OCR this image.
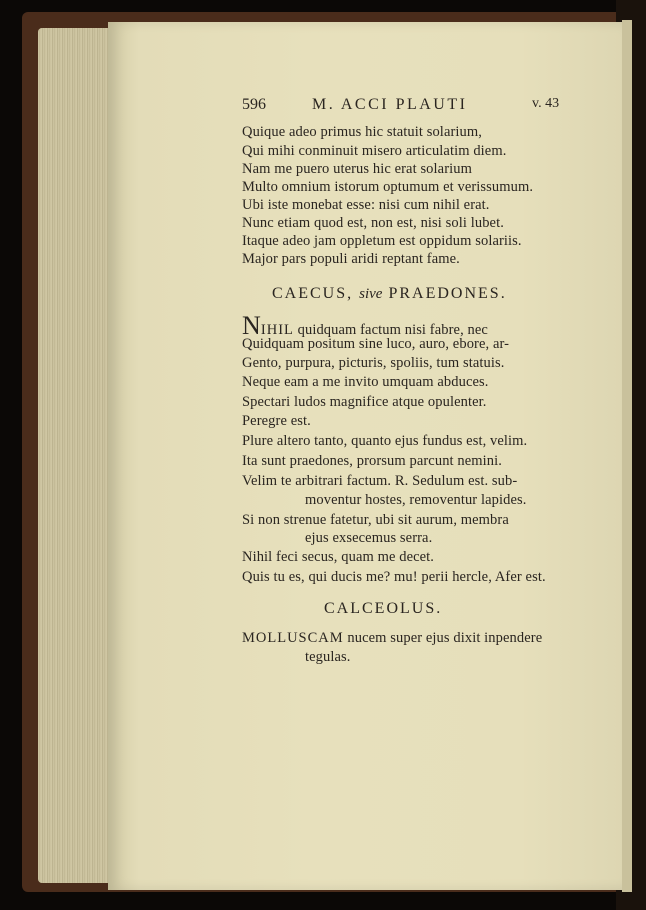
596	M. ACCI PLAUTI	v. 43
Quique adeo primus hic statuit solarium,
Qui mihi conminuit misero articulatim diem.
Nam me puero uterus hic erat solarium
Multo omnium istorum optumum et verissumum.
Ubi iste monebat esse: nisi cum nihil erat.
Nunc etiam quod est, non est, nisi soli lubet.
Itaque adeo jam oppletum est oppidum solariis.
Major pars populi aridi reptant fame.
CAECUS, sive PRAEDONES.
NIHIL quidquam factum nisi fabre, nec
Quidquam positum sine luco, auro, ebore, ar-
Gento, purpura, picturis, spoliis, tum statuis.
Neque eam a me invito umquam abduces.
Spectari ludos magnifice atque opulenter.
Peregre est.
Plure altero tanto, quanto ejus fundus est, velim.
Ita sunt praedones, prorsum parcunt nemini.
Velim te arbitrari factum. R. Sedulum est. sub-
moventur hostes, removentur lapides.
Si non strenue fatetur, ubi sit aurum, membra
ejus exsecemus serra.
Nihil feci secus, quam me decet.
Quis tu es, qui ducis me? mu! perii hercle, Afer est.
CALCEOLUS.
MOLLUSCAM nucem super ejus dixit inpendere
tegulas.
